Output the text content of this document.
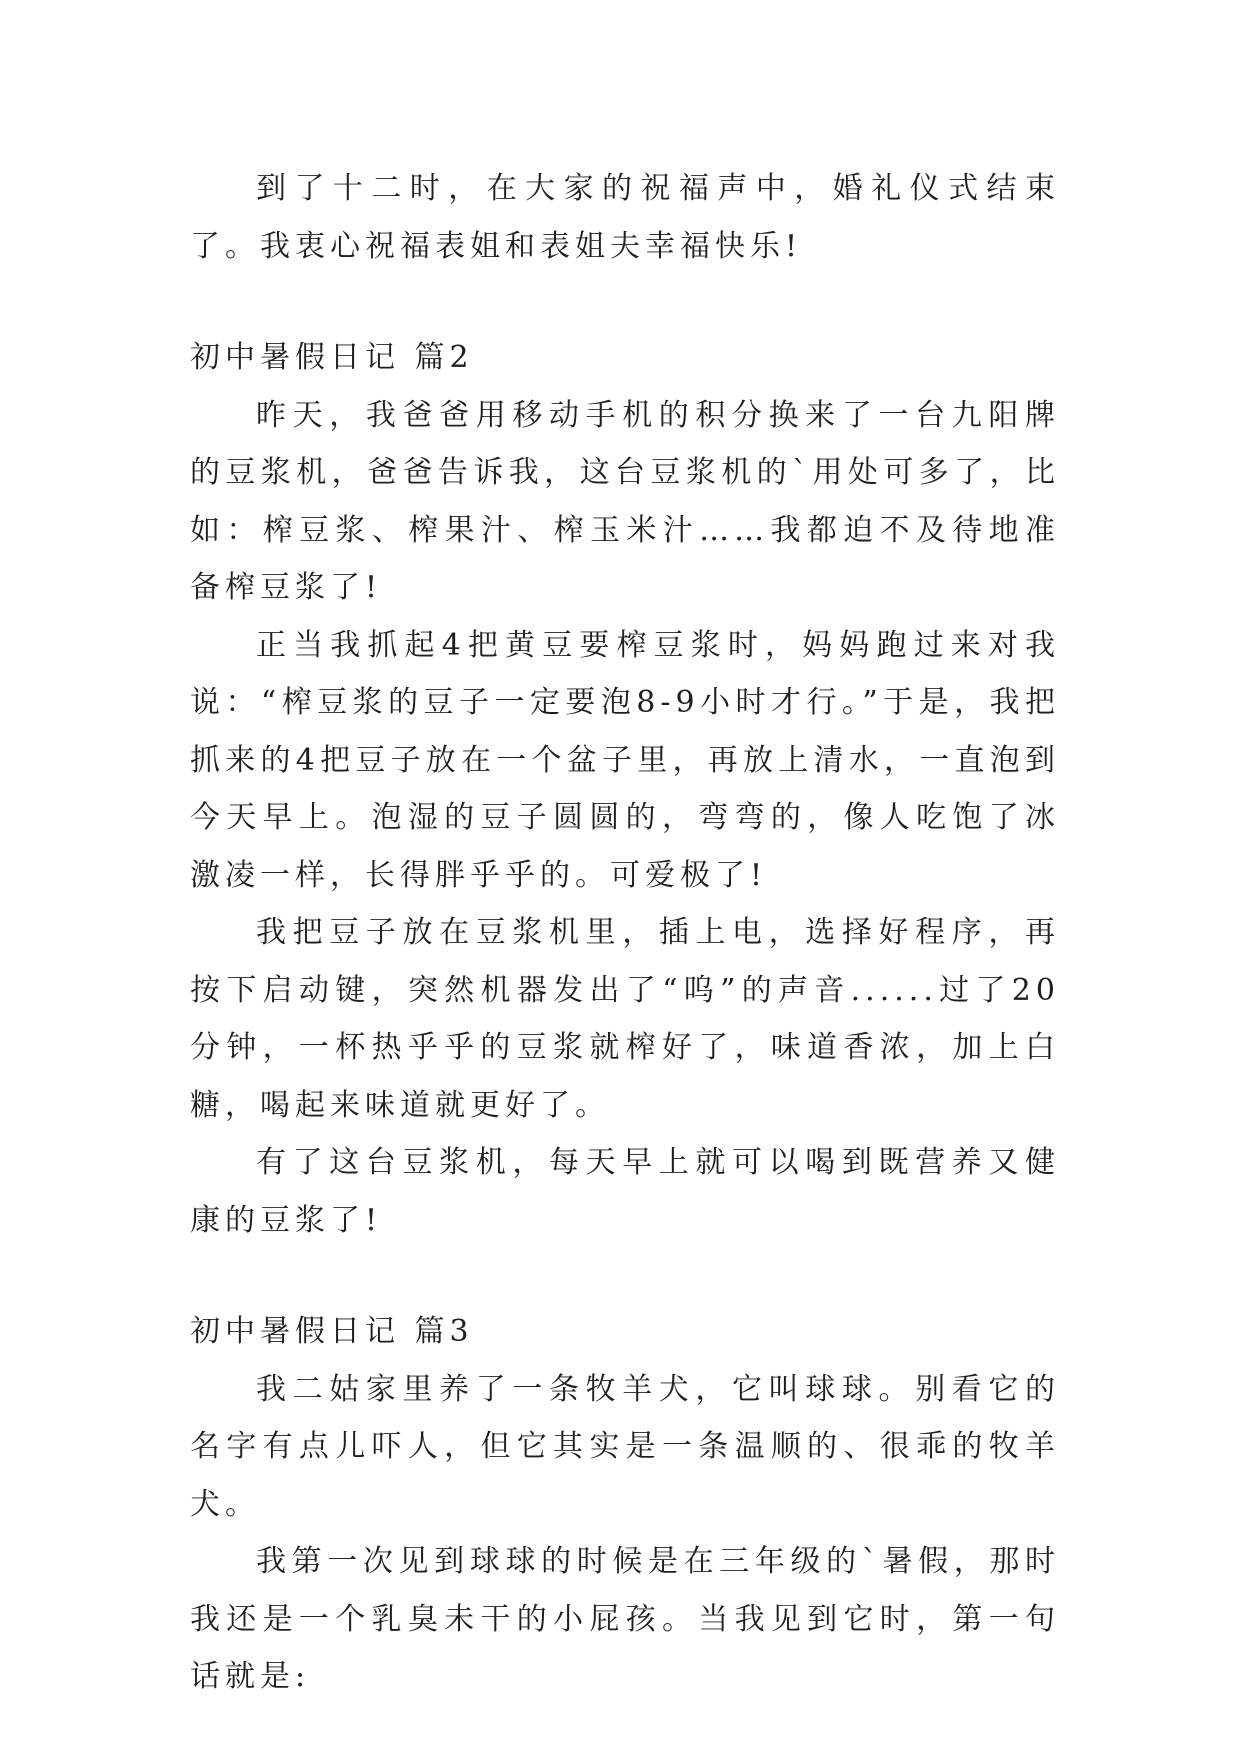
到了十二时，在大家的祝福声中，婚礼仪式结束了。我衷心祝福表姐和表姐夫幸福快乐!

初中暑假日记 篇2

昨天，我爸爸用移动手机的积分换来了一台九阳牌的豆浆机，爸爸告诉我，这台豆浆机的`用处可多了，比如：榨豆浆、榨果汁、榨玉米汁……我都迫不及待地准备榨豆浆了!

正当我抓起4把黄豆要榨豆浆时，妈妈跑过来对我说：“榨豆浆的豆子一定要泡8-9小时才行。”于是，我把抓来的4把豆子放在一个盆子里，再放上清水，一直泡到今天早上。泡湿的豆子圆圆的，弯弯的，像人吃饱了冰激凌一样，长得胖乎乎的。可爱极了!

我把豆子放在豆浆机里，插上电，选择好程序，再按下启动键，突然机器发出了“呜”的声音......过了20分钟，一杯热乎乎的豆浆就榨好了，味道香浓，加上白糖，喝起来味道就更好了。

有了这台豆浆机，每天早上就可以喝到既营养又健康的豆浆了!

初中暑假日记 篇3

我二姑家里养了一条牧羊犬，它叫球球。别看它的名字有点儿吓人，但它其实是一条温顺的、很乖的牧羊犬。

我第一次见到球球的时候是在三年级的`暑假，那时我还是一个乳臭未干的小屁孩。当我见到它时，第一句话就是:
